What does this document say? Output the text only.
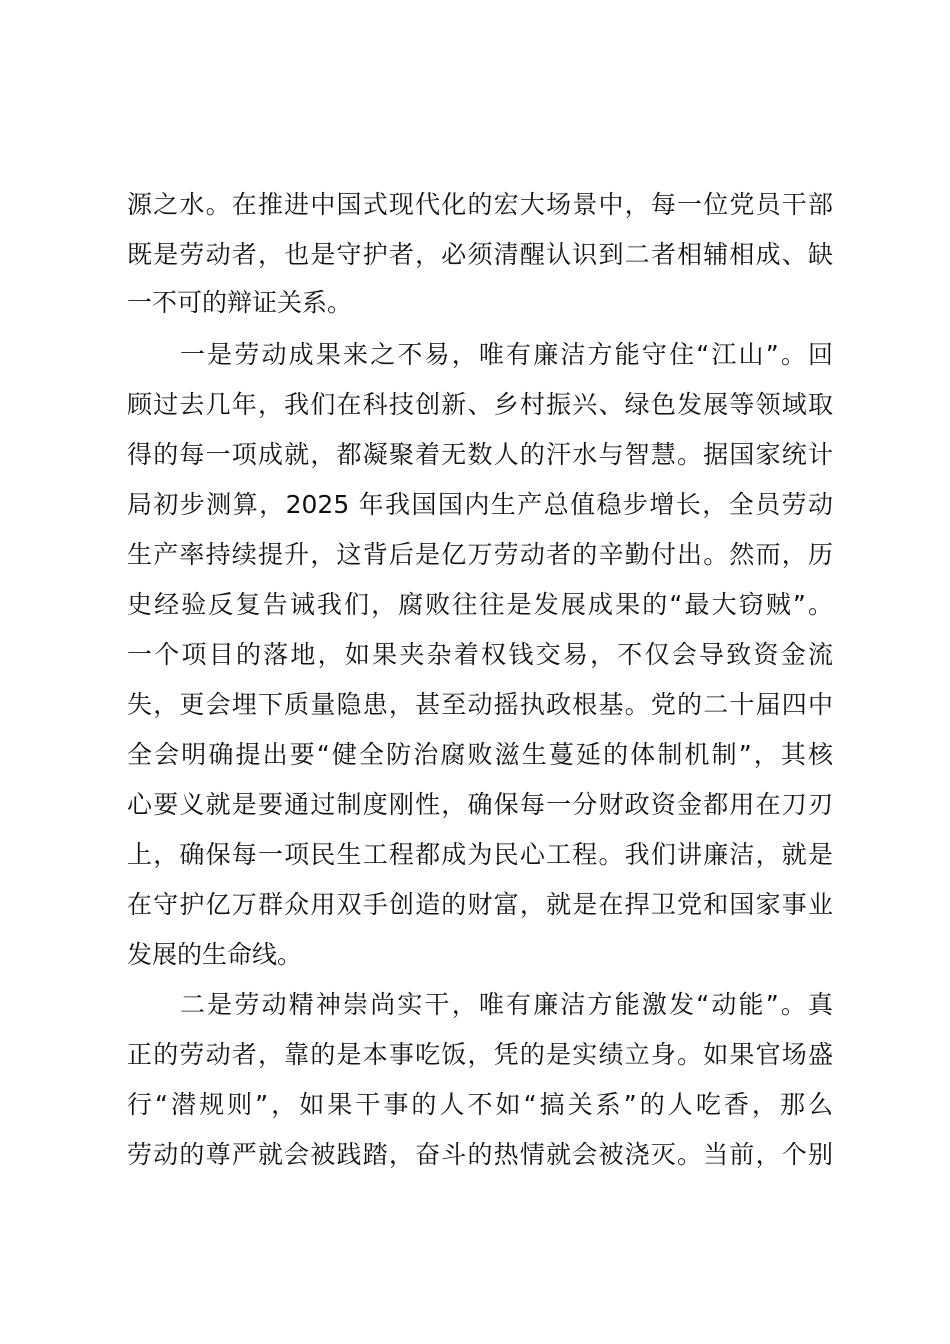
源之水。在推进中国式现代化的宏大场景中，每一位党员干部
既是劳动者，也是守护者，必须清醒认识到二者相辅相成、缺
一不可的辩证关系。
一是劳动成果来之不易，唯有廉洁方能守住“江山”。回
顾过去几年，我们在科技创新、乡村振兴、绿色发展等领域取
得的每一项成就，都凝聚着无数人的汗水与智慧。据国家统计
局初步测算，2025 年我国国内生产总值稳步增长，全员劳动
生产率持续提升，这背后是亿万劳动者的辛勤付出。然而，历
史经验反复告诫我们，腐败往往是发展成果的“最大窃贼”。
一个项目的落地，如果夹杂着权钱交易，不仅会导致资金流
失，更会埋下质量隐患，甚至动摇执政根基。党的二十届四中
全会明确提出要“健全防治腐败滋生蔓延的体制机制”，其核
心要义就是要通过制度刚性，确保每一分财政资金都用在刀刃
上，确保每一项民生工程都成为民心工程。我们讲廉洁，就是
在守护亿万群众用双手创造的财富，就是在捍卫党和国家事业
发展的生命线。
二是劳动精神崇尚实干，唯有廉洁方能激发“动能”。真
正的劳动者，靠的是本事吃饭，凭的是实绩立身。如果官场盛
行“潜规则”，如果干事的人不如“搞关系”的人吃香，那么
劳动的尊严就会被践踏，奋斗的热情就会被浇灭。当前，个别
